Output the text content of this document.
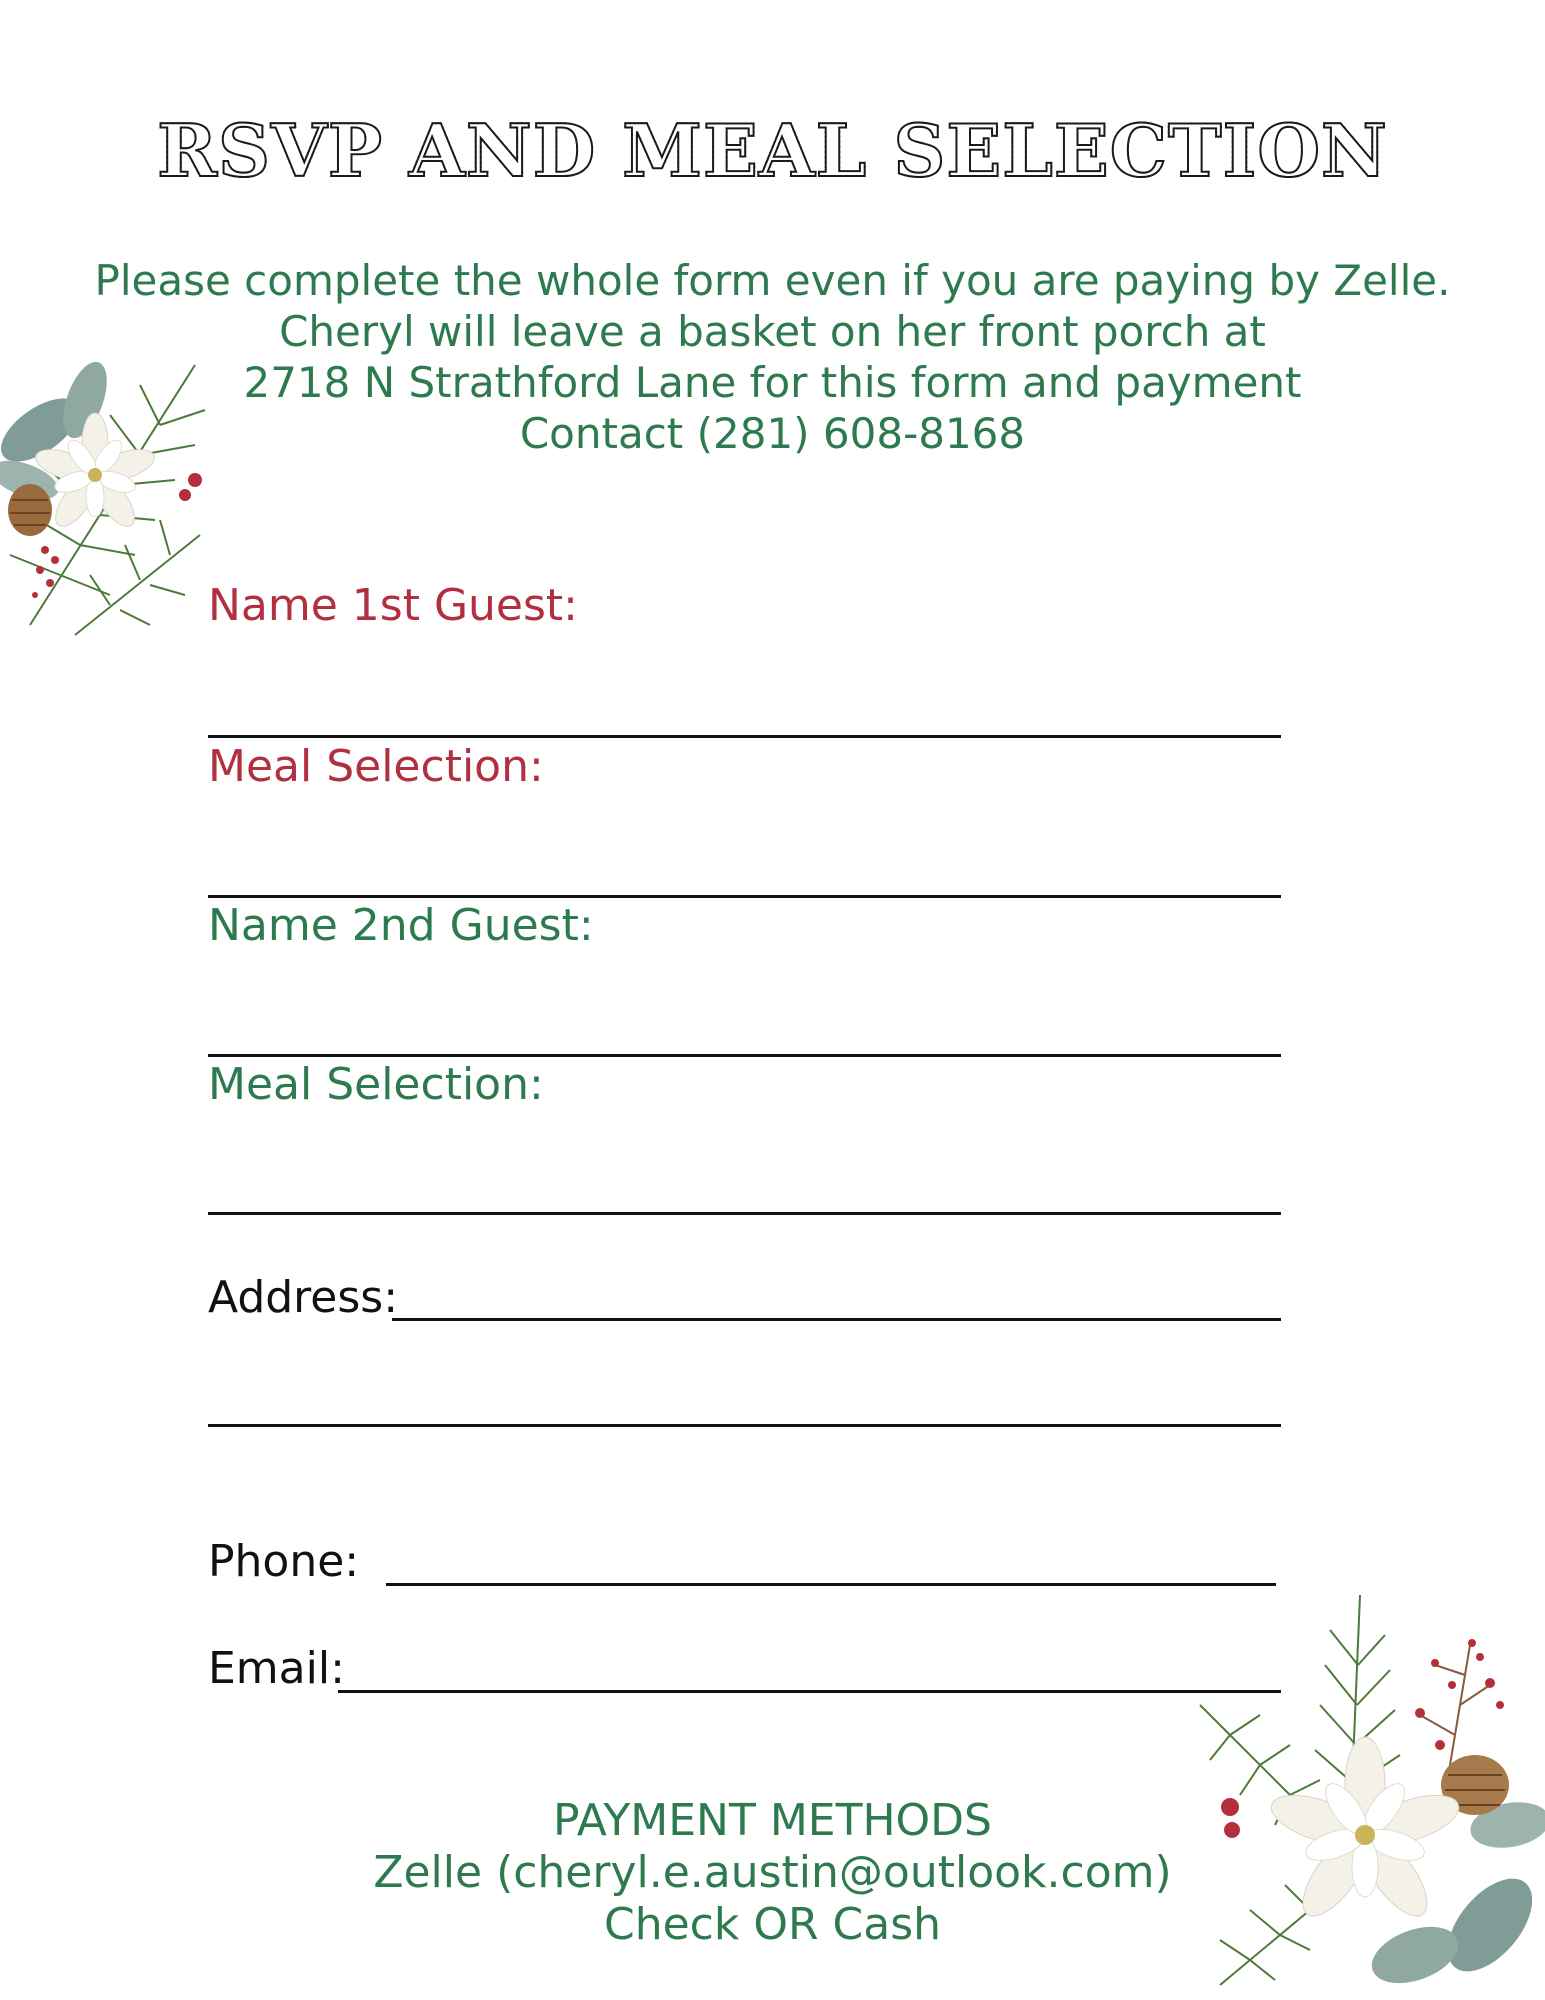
RSVP AND MEAL SELECTION
Please complete the whole form even if you are paying by Zelle.
Cheryl will leave a basket on her front porch at
2718 N Strathford Lane for this form and payment
Contact (281) 608-8168
Name 1st Guest:
Meal Selection:
Name 2nd Guest:
Meal Selection:
Address:
Phone:
Email:
PAYMENT METHODS
Zelle (cheryl.e.austin@outlook.com)
Check OR Cash
